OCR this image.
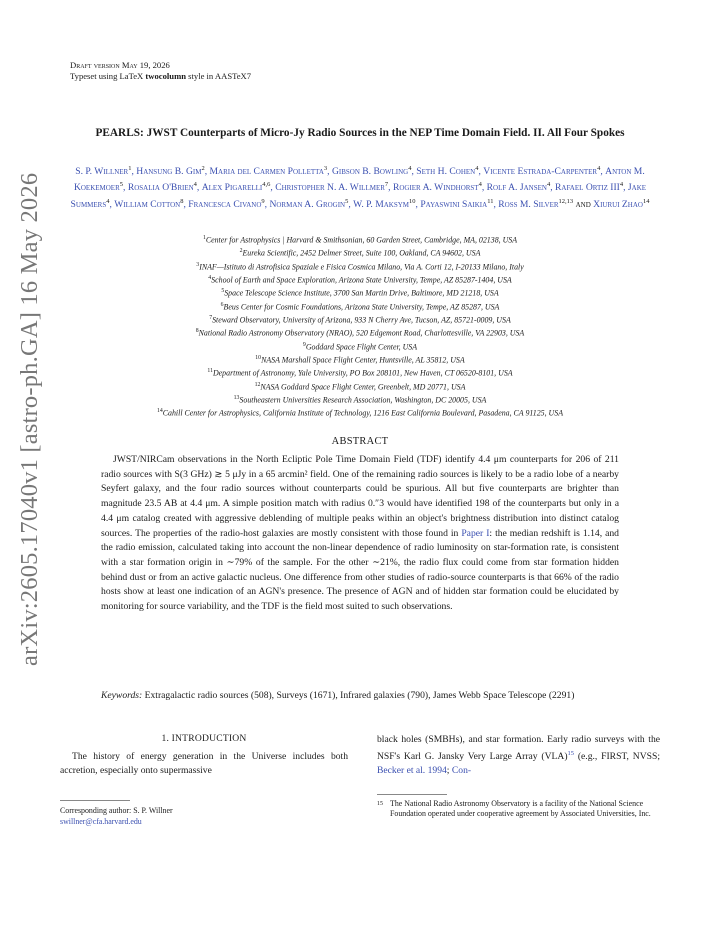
arXiv:2605.17040v1 [astro-ph.GA] 16 May 2026
Draft version May 19, 2026
Typeset using LaTeX twocolumn style in AASTeX7
PEARLS: JWST Counterparts of Micro-Jy Radio Sources in the NEP Time Domain Field. II. All Four Spokes
S. P. Willner$^1$, Hansung B. Gim$^2$, Maria del Carmen Polletta$^3$, Gibson B. Bowling$^4$, Seth H. Cohen$^4$, Vicente Estrada-Carpenter$^4$, Anton M. Koekemoer$^5$, Rosalia O'Brien$^4$, Alex Pigarelli$^{4,6}$, Christopher N. A. Willmer$^7$, Rogier A. Windhorst$^4$, Rolf A. Jansen$^4$, Rafael Ortiz III$^4$, Jake Summers$^4$, William Cotton$^8$, Francesca Civano$^9$, Norman A. Grogin$^5$, W. P. Maksym$^{10}$, Payaswini Saikia$^{11}$, Ross M. Silver$^{12,13}$ and Xiurui Zhao$^{14}$
$^1$Center for Astrophysics | Harvard & Smithsonian, 60 Garden Street, Cambridge, MA, 02138, USA
$^2$Eureka Scientific, 2452 Delmer Street, Suite 100, Oakland, CA 94602, USA
$^3$INAF—Istituto di Astrofisica Spaziale e Fisica Cosmica Milano, Via A. Corti 12, I-20133 Milano, Italy
$^4$School of Earth and Space Exploration, Arizona State University, Tempe, AZ 85287-1404, USA
$^5$Space Telescope Science Institute, 3700 San Martin Drive, Baltimore, MD 21218, USA
$^6$Beus Center for Cosmic Foundations, Arizona State University, Tempe, AZ 85287, USA
$^7$Steward Observatory, University of Arizona, 933 N Cherry Ave, Tucson, AZ, 85721-0009, USA
$^8$National Radio Astronomy Observatory (NRAO), 520 Edgemont Road, Charlottesville, VA 22903, USA
$^9$Goddard Space Flight Center, USA
$^{10}$NASA Marshall Space Flight Center, Huntsville, AL 35812, USA
$^{11}$Department of Astronomy, Yale University, PO Box 208101, New Haven, CT 06520-8101, USA
$^{12}$NASA Goddard Space Flight Center, Greenbelt, MD 20771, USA
$^{13}$Southeastern Universities Research Association, Washington, DC 20005, USA
$^{14}$Cahill Center for Astrophysics, California Institute of Technology, 1216 East California Boulevard, Pasadena, CA 91125, USA
ABSTRACT
JWST/NIRCam observations in the North Ecliptic Pole Time Domain Field (TDF) identify 4.4 μm counterparts for 206 of 211 radio sources with S(3 GHz) ≳ 5 μJy in a 65 arcmin² field. One of the remaining radio sources is likely to be a radio lobe of a nearby Seyfert galaxy, and the four radio sources without counterparts could be spurious. All but five counterparts are brighter than magnitude 23.5 AB at 4.4 μm. A simple position match with radius 0.″3 would have identified 198 of the counterparts but only in a 4.4 μm catalog created with aggressive deblending of multiple peaks within an object's brightness distribution into distinct catalog sources. The properties of the radio-host galaxies are mostly consistent with those found in Paper I: the median redshift is 1.14, and the radio emission, calculated taking into account the non-linear dependence of radio luminosity on star-formation rate, is consistent with a star formation origin in ∼79% of the sample. For the other ∼21%, the radio flux could come from star formation hidden behind dust or from an active galactic nucleus. One difference from other studies of radio-source counterparts is that 66% of the radio hosts show at least one indication of an AGN's presence. The presence of AGN and of hidden star formation could be elucidated by monitoring for source variability, and the TDF is the field most suited to such observations.
Keywords: Extragalactic radio sources (508), Surveys (1671), Infrared galaxies (790), James Webb Space Telescope (2291)
1. INTRODUCTION
The history of energy generation in the Universe includes both accretion, especially onto supermassive
black holes (SMBHs), and star formation. Early radio surveys with the NSF's Karl G. Jansky Very Large Array (VLA)$^{15}$ (e.g., FIRST, NVSS; Becker et al. 1994; Con-
Corresponding author: S. P. Willner
swillner@cfa.harvard.edu
15 The National Radio Astronomy Observatory is a facility of the National Science Foundation operated under cooperative agreement by Associated Universities, Inc.
